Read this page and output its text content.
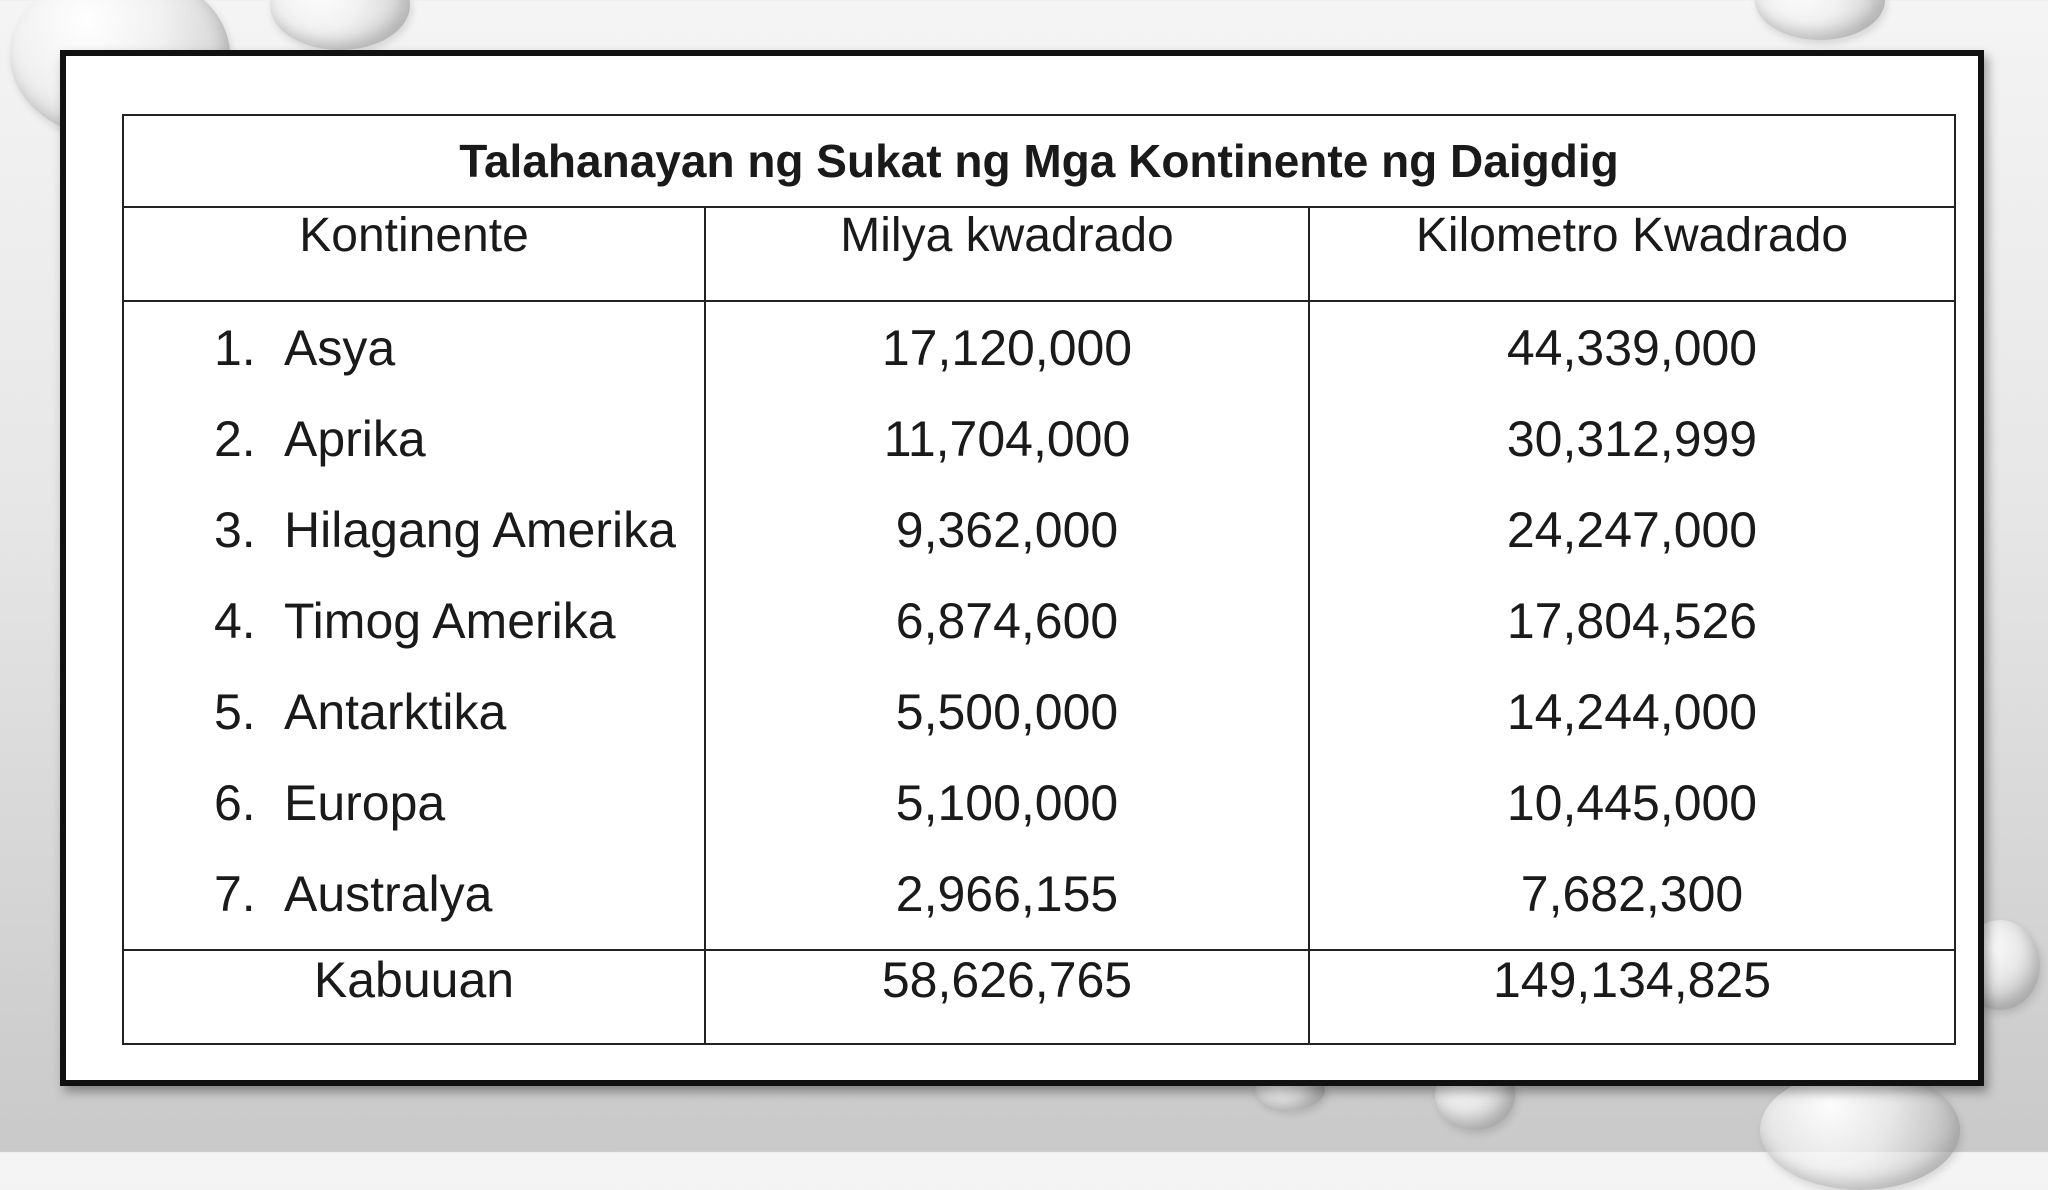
Talahanayan ng Sukat ng Mga Kontinente ng Daigdig		
Kontinente	Milya kwadrado	Kilometro Kwadrado
1. Asya	17,120,000	44,339,000
2. Aprika	11,704,000	30,312,999
3. Hilagang Amerika	9,362,000	24,247,000
4. Timog Amerika	6,874,600	17,804,526
5. Antarktika	5,500,000	14,244,000
6. Europa	5,100,000	10,445,000
7. Australya	2,966,155	7,682,300

Kabuuan	58,626,765	149,134,825
